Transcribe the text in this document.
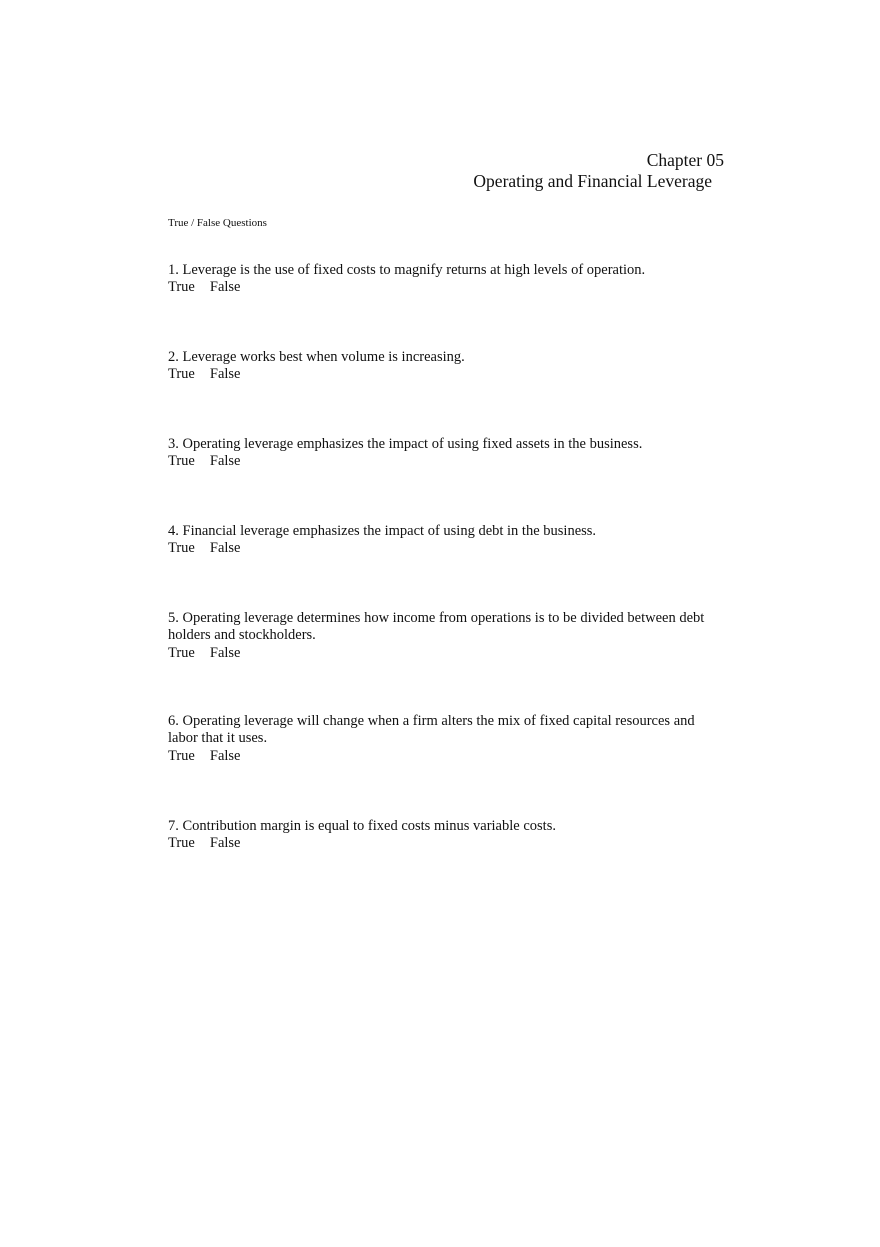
Chapter 05
Operating and Financial Leverage
True / False Questions
1. Leverage is the use of fixed costs to magnify returns at high levels of operation.
True False
2. Leverage works best when volume is increasing.
True False
3. Operating leverage emphasizes the impact of using fixed assets in the business.
True False
4. Financial leverage emphasizes the impact of using debt in the business.
True False
5. Operating leverage determines how income from operations is to be divided between debt holders and stockholders.
True False
6. Operating leverage will change when a firm alters the mix of fixed capital resources and labor that it uses.
True False
7. Contribution margin is equal to fixed costs minus variable costs.
True False
